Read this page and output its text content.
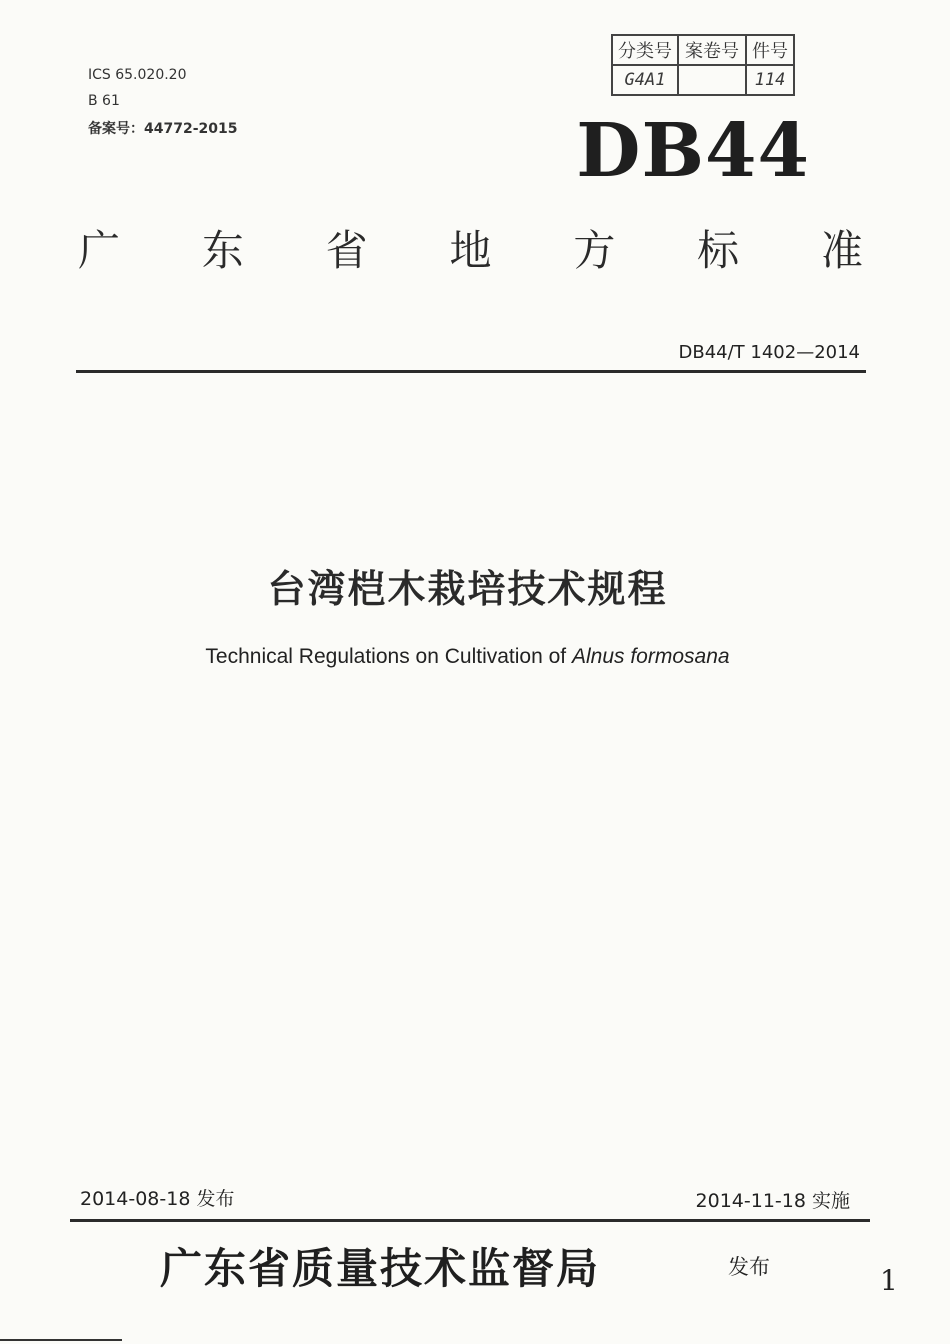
ICS 65.020.20
B 61
备案号：44772-2015
分类号	案卷号	件号
G4A1		114
DB44
广 东 省 地 方 标 准
DB44/T 1402—2014
台湾桤木栽培技术规程
Technical Regulations on Cultivation of Alnus formosana
2014-08-18 发布	2014-11-18 实施
广东省质量技术监督局	发布	1
